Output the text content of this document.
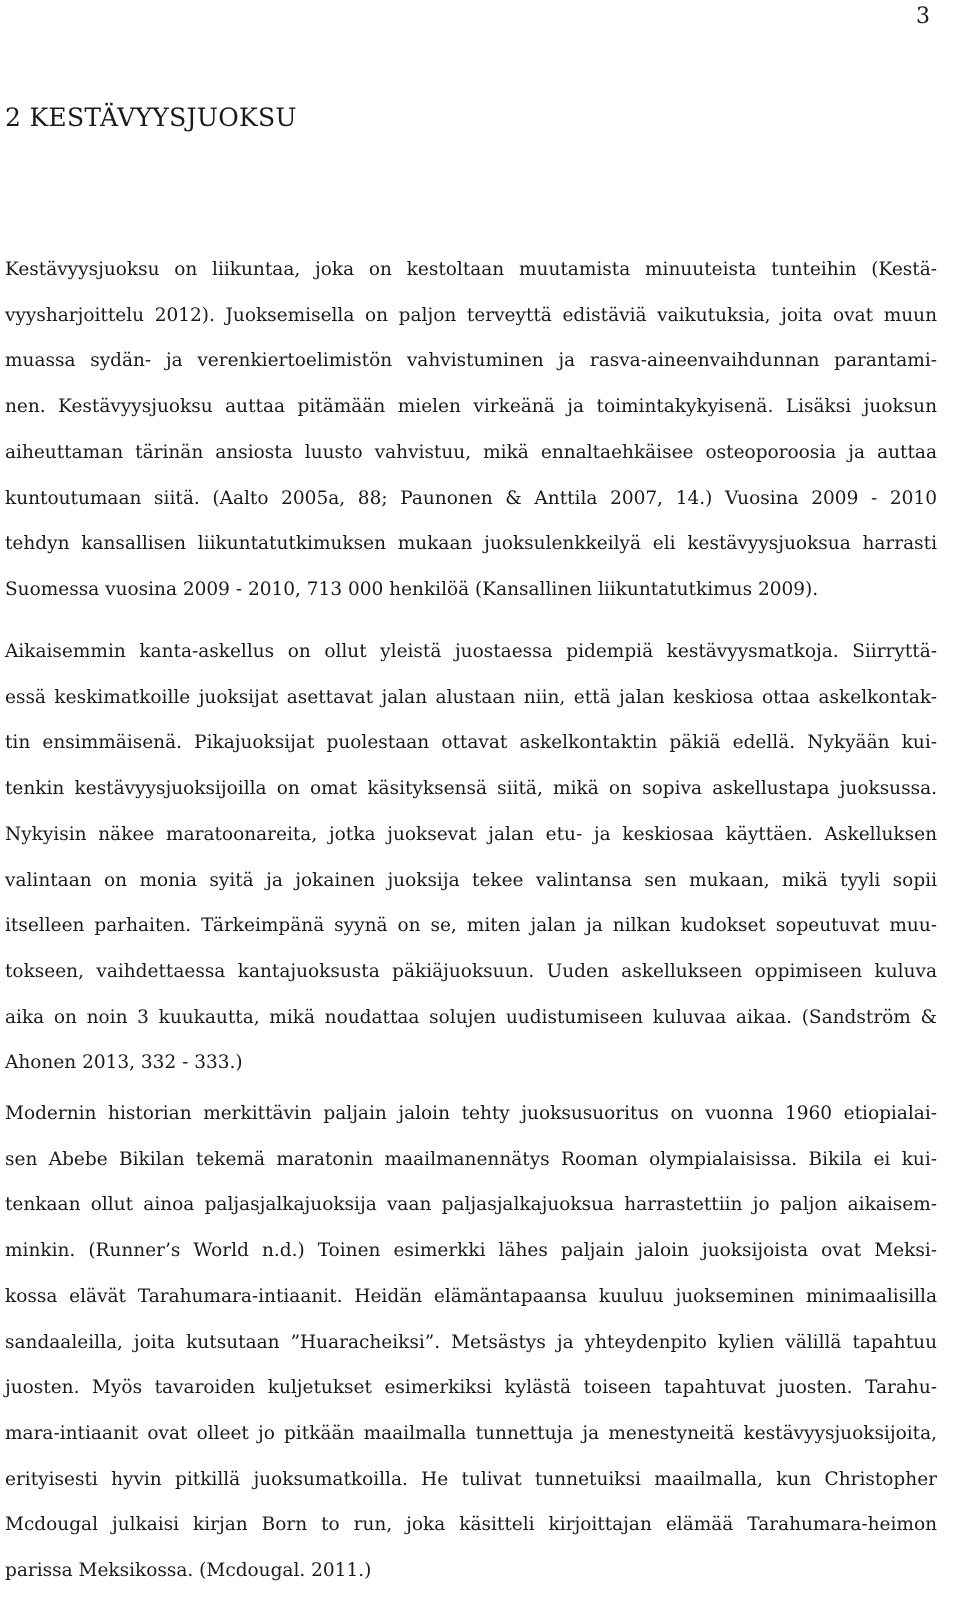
3
2 KESTÄVYYSJUOKSU
Kestävyysjuoksu on liikuntaa, joka on kestoltaan muutamista minuuteista tunteihin (Kestä-
vyysharjoittelu 2012). Juoksemisella on paljon terveyttä edistäviä vaikutuksia, joita ovat muun
muassa sydän- ja verenkiertoelimistön vahvistuminen ja rasva-aineenvaihdunnan parantami-
nen. Kestävyysjuoksu auttaa pitämään mielen virkeänä ja toimintakykyisenä. Lisäksi juoksun
aiheuttaman tärinän ansiosta luusto vahvistuu, mikä ennaltaehkäisee osteoporoosia ja auttaa
kuntoutumaan siitä. (Aalto 2005a, 88; Paunonen & Anttila 2007, 14.) Vuosina 2009 - 2010
tehdyn kansallisen liikuntatutkimuksen mukaan juoksulenkkeilyä eli kestävyysjuoksua harrasti
Suomessa vuosina 2009 - 2010, 713 000 henkilöä (Kansallinen liikuntatutkimus 2009).
Aikaisemmin kanta-askellus on ollut yleistä juostaessa pidempiä kestävyysmatkoja. Siirryttä-
essä keskimatkoille juoksijat asettavat jalan alustaan niin, että jalan keskiosa ottaa askelkontak-
tin ensimmäisenä. Pikajuoksijat puolestaan ottavat askelkontaktin päkiä edellä. Nykyään kui-
tenkin kestävyysjuoksijoilla on omat käsityksensä siitä, mikä on sopiva askellustapa juoksussa.
Nykyisin näkee maratoonareita, jotka juoksevat jalan etu- ja keskiosaa käyttäen. Askelluksen
valintaan on monia syitä ja jokainen juoksija tekee valintansa sen mukaan, mikä tyyli sopii
itselleen parhaiten. Tärkeimpänä syynä on se, miten jalan ja nilkan kudokset sopeutuvat muu-
tokseen, vaihdettaessa kantajuoksusta päkiäjuoksuun. Uuden askellukseen oppimiseen kuluva
aika on noin 3 kuukautta, mikä noudattaa solujen uudistumiseen kuluvaa aikaa. (Sandström &
Ahonen 2013, 332 - 333.)
Modernin historian merkittävin paljain jaloin tehty juoksusuoritus on vuonna 1960 etiopialai-
sen Abebe Bikilan tekemä maratonin maailmanennätys Rooman olympialaisissa. Bikila ei kui-
tenkaan ollut ainoa paljasjalkajuoksija vaan paljasjalkajuoksua harrastettiin jo paljon aikaisem-
minkin. (Runner’s World n.d.) Toinen esimerkki lähes paljain jaloin juoksijoista ovat Meksi-
kossa elävät Tarahumara-intiaanit. Heidän elämäntapaansa kuuluu juokseminen minimaalisilla
sandaaleilla, joita kutsutaan ”Huaracheiksi”. Metsästys ja yhteydenpito kylien välillä tapahtuu
juosten. Myös tavaroiden kuljetukset esimerkiksi kylästä toiseen tapahtuvat juosten. Tarahu-
mara-intiaanit ovat olleet jo pitkään maailmalla tunnettuja ja menestyneitä kestävyysjuoksijoita,
erityisesti hyvin pitkillä juoksumatkoilla. He tulivat tunnetuiksi maailmalla, kun Christopher
Mcdougal julkaisi kirjan Born to run, joka käsitteli kirjoittajan elämää Tarahumara-heimon
parissa Meksikossa. (Mcdougal. 2011.)
